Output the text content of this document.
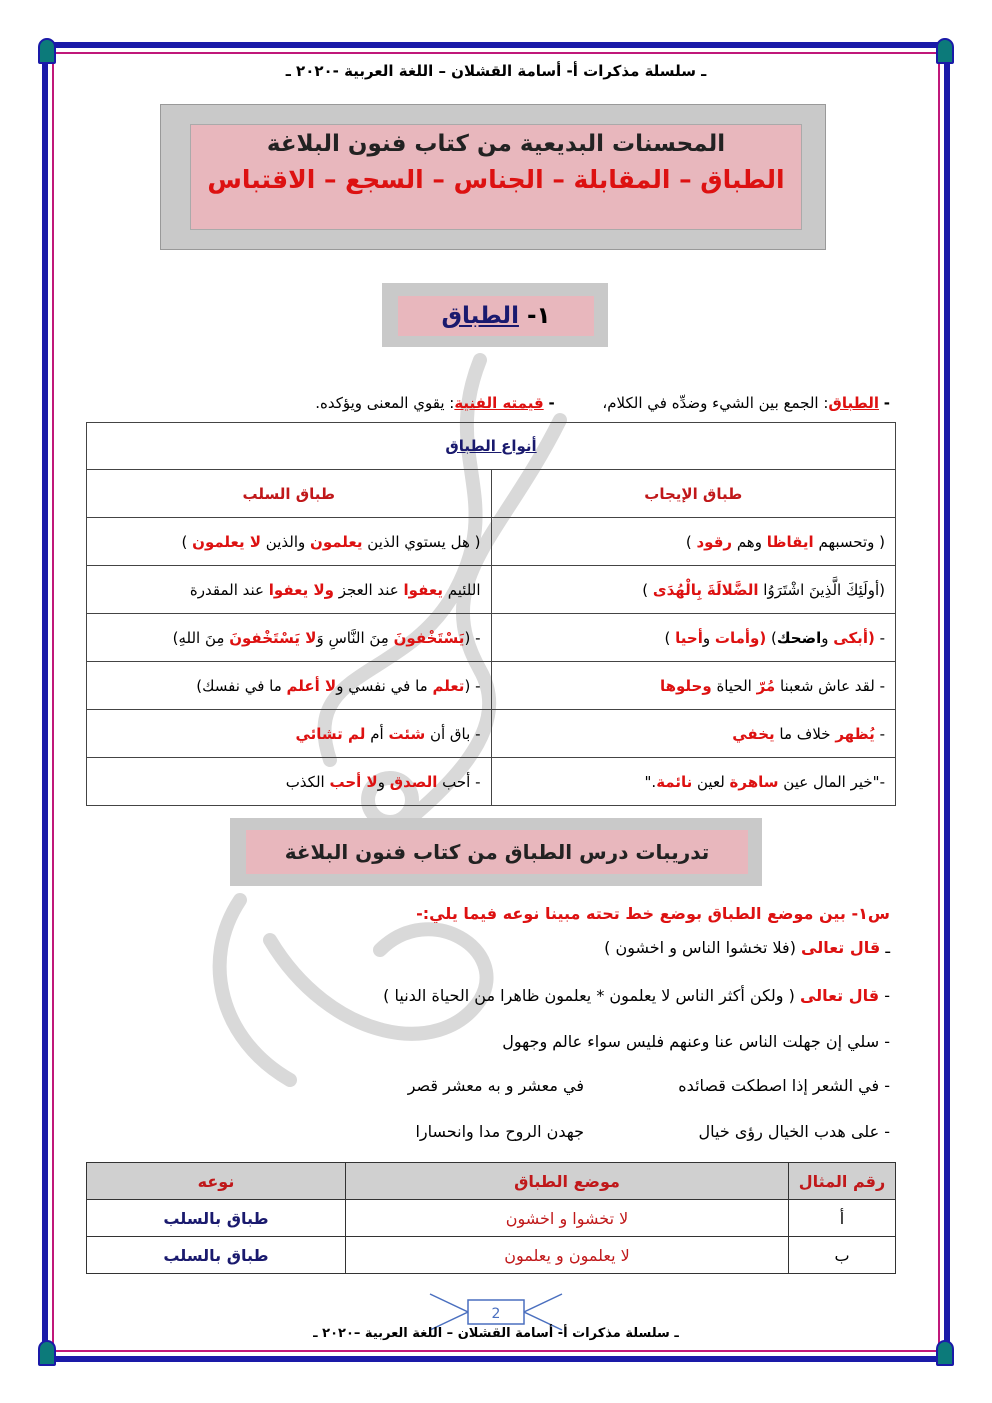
ـ سلسلة مذكرات أ- أسامة القشلان – اللغة العربية -٢٠٢٠ ـ
المحسنات البديعية من كتاب فنون البلاغة
الطباق – المقابلة – الجناس – السجع – الاقتباس
١- الطباق
- الطباق: الجمع بين الشيء وضدِّه في الكلام،          - قيمته الفنية: يقوي المعنى ويؤكده.
أنواع الطباق	
طباق الإيجاب	طباق السلب
( وتحسبهم ايقاظا وهم رقود )	( هل يستوي الذين يعلمون والذين لا يعلمون )
(أولَئِكَ الَّذِينَ اشْتَرَوُا الضَّلالَةَ بِالْهُدَى )	اللئيم يعفوا عند العجز ولا يعفوا عند المقدرة
- (أبكى واضحك) (وأمات وأحيا )	- (يَسْتَخْفونَ مِنَ النَّاسِ وَلا يَسْتَخْفونَ مِنَ اللهِ)
- لقد عاش شعبنا مُرّ الحياة وحلوها	- (تعلم ما في نفسي ولا أعلم ما في نفسك)
- يُظهر خلاف ما يخفي	- باق أن شئت أم لم تشائي
-"خير المال عين ساهرة لعين نائمة."	- أحب الصدق ولا أحب الكذب
تدريبات درس الطباق من كتاب فنون البلاغة
س١- بين موضع الطباق بوضع خط تحته مبينا نوعه فيما يلي:-
ـ قال تعالى (فلا تخشوا الناس و اخشون )
- قال تعالى ( ولكن أكثر الناس لا يعلمون * يعلمون ظاهرا من الحياة الدنيا )
- سلي إن جهلت الناس عنا وعنهم فليس سواء عالم وجهول
- في الشعر إذا اصطكت قصائده في معشر و به معشر قصر
- على هدب الخيال رؤى خيال جهدن الروح مدا وانحسارا
رقم المثال	موضع الطباق	نوعه
أ	لا تخشوا و اخشون	طباق بالسلب
ب	لا يعلمون و يعلمون	طباق بالسلب
2
ـ سلسلة مذكرات أ- أسامة القشلان – اللغة العربية –٢٠٢٠ ـ
